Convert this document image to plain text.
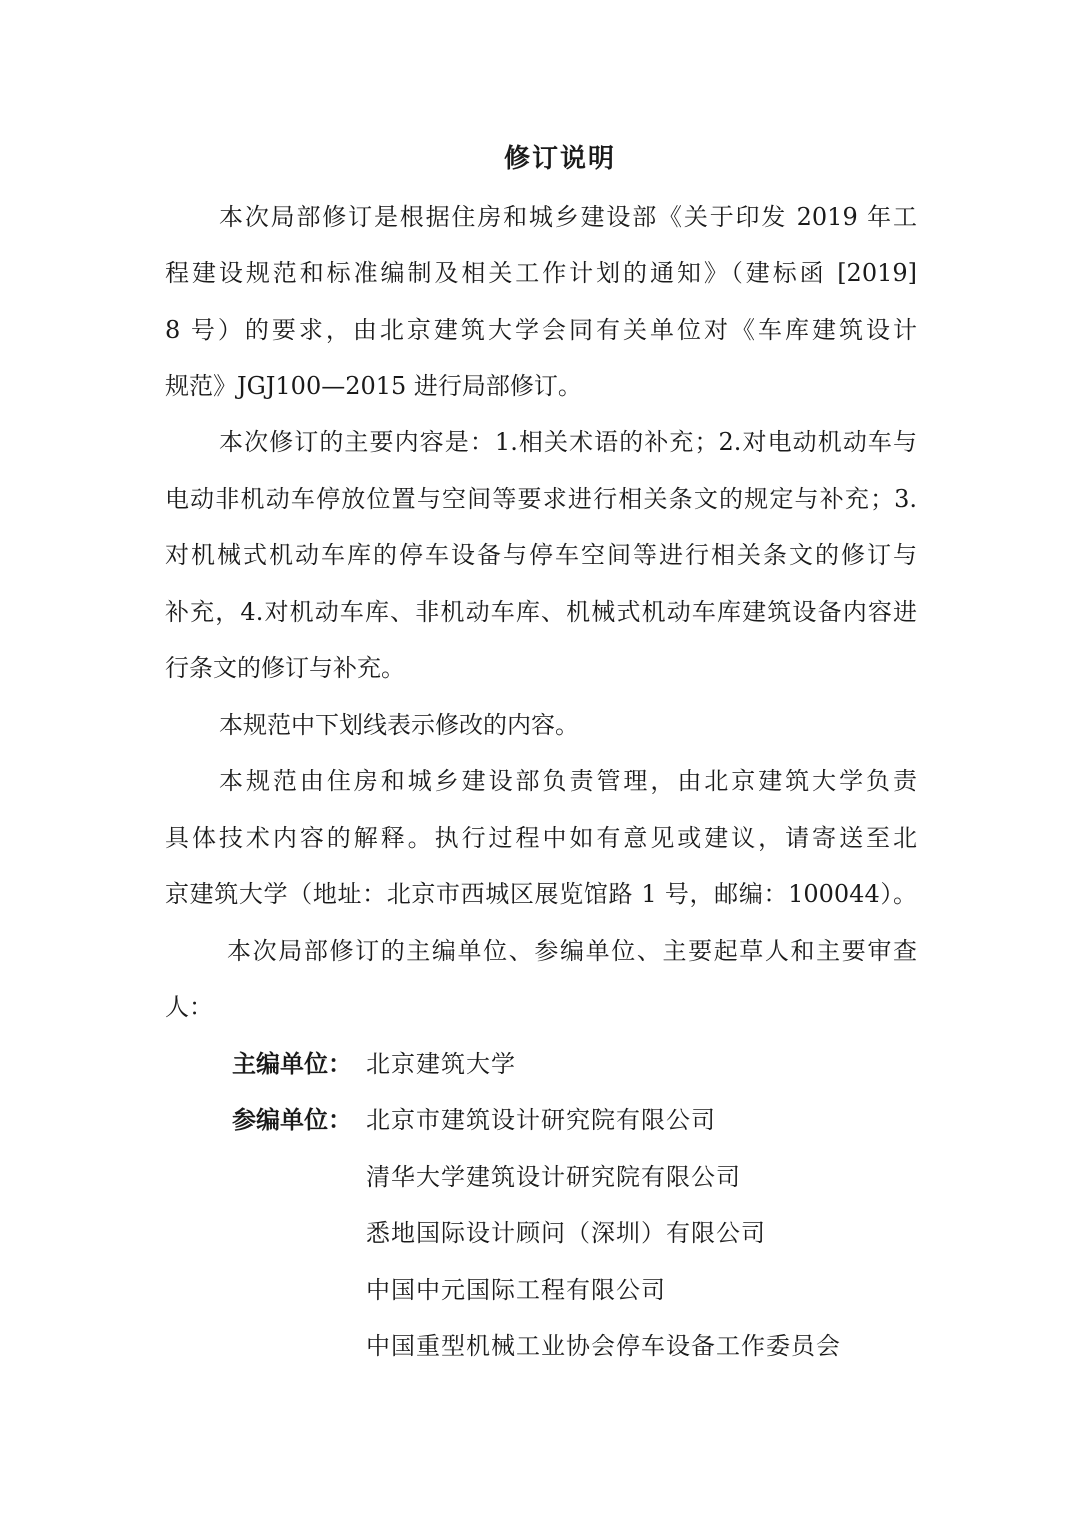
修订说明
本次局部修订是根据住房和城乡建设部《关于印发 2019 年工
程建设规范和标准编制及相关工作计划的通知》（建标函 [2019]
8 号）的要求，由北京建筑大学会同有关单位对《车库建筑设计
规范》JGJ100—2015 进行局部修订。
本次修订的主要内容是：1.相关术语的补充；2.对电动机动车与
电动非机动车停放位置与空间等要求进行相关条文的规定与补充；3.
对机械式机动车库的停车设备与停车空间等进行相关条文的修订与
补充，4.对机动车库、非机动车库、机械式机动车库建筑设备内容进
行条文的修订与补充。
本规范中下划线表示修改的内容。
本规范由住房和城乡建设部负责管理，由北京建筑大学负责
具体技术内容的解释。执行过程中如有意见或建议，请寄送至北
京建筑大学（地址：北京市西城区展览馆路 1 号，邮编：100044）。
本次局部修订的主编单位、参编单位、主要起草人和主要审查
人：
主编单位： 北京建筑大学
参编单位： 北京市建筑设计研究院有限公司
清华大学建筑设计研究院有限公司
悉地国际设计顾问（深圳）有限公司
中国中元国际工程有限公司
中国重型机械工业协会停车设备工作委员会
